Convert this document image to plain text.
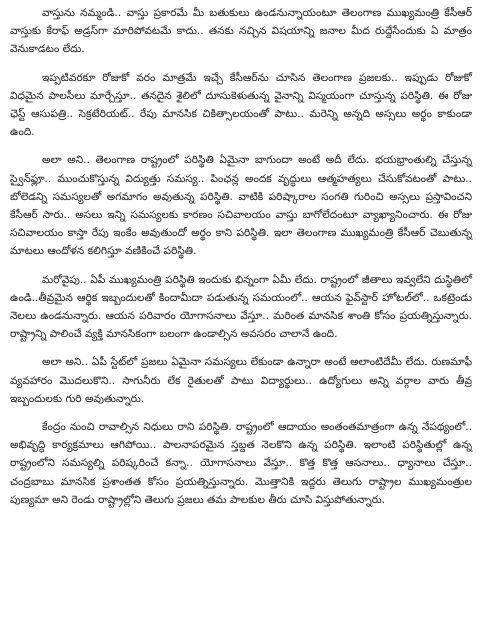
వాస్తును నమ్మండి.. వాస్తు ప్రకారమే మీ బతుకులు ఉండనున్నాయంటూ తెలంగాణ ముఖ్యమంత్రి కేసీఆర్ వాస్తుకు కేరాఫ్ అడ్రస్‌గా మారిపోవటమే కాదు.. తనకు నచ్చిన విషయాన్ని జనాల మీద రుద్దేసేందుకు ఏ మాత్రం వెనుకాడటం లేదు.

ఇప్పటివరకూ రోజుకో వరం మాత్రమే ఇచ్చే కేసీఆర్‌ను చూసిన తెలంగాణ ప్రజలకు.. ఇప్పుడు రోజుకో విధమైన పాలసీలు మార్చేస్తూ.. తనదైన శైలిలో దూసుకెళుతున్న వైనాన్ని విస్మయంగా చూస్తున్న పరిస్థితి. ఈ రోజు ఛెస్ట్ ఆసుపత్రి.. సెక్రటేరియట్.. రేపు మానసిక చికిత్సాలయంతో పాటు.. మరెన్ని అన్నది అస్సలు అర్థం కాకుండా ఉంది.

అలా అని.. తెలంగాణ రాష్ట్రంలో పరిస్థితి ఏమైనా బాగుందా అంటే అదీ లేదు. భయభ్రాంతుల్ని చేస్తున్న స్వైన్‌ఫ్లూ.. ముంచుకొస్తున్న విద్యుత్తు సమస్య.. పింఛన్ల అందక వృద్ధులు ఆత్మహత్యలు చేసుకోవటంతో పాటు.. బోలెడన్ని సమస్యలతో అగమాగం అవుతున్న పరిస్థితి. వాటికి పరిష్కారాల సంగతి గురించి అస్సలు ప్రస్తావించని కేసీఆర్ సారు.. అసలు ఇన్ని సమస్యలకు కారణం సచివాలయం వాస్తు బాగోలేదంటూ వ్యాఖ్యానించారు. ఈ రోజు సచివాలయం కాస్తా రేపు ఇంకేం అవుతుందో అర్థం కాని పరిస్థితి. ఇలా తెలంగాణ ముఖ్యమంత్రి కేసీఆర్ చెబుతున్న మాటలు ఆందోళన కలిగిస్తూ వణికించే పరిస్థితి.

మరోవైపు.. ఏపీ ముఖ్యమంత్రి పరిస్థితి ఇందుకు భిన్నంగా ఏమీ లేదు. రాష్ట్రంలో జీతాలు ఇవ్వలేని దుస్థితిలో ఉండి..తీవ్రమైన ఆర్థిక ఇబ్బందులతో కిందామీదా పడుతున్న సమయంలో.. ఆయన ఫైవ్‌స్టార్ హోటల్‌లో.. ఒకట్రెండు నెలలు ఉండనున్నారు. ఆయన పరివారం యోగాసనాలు వేస్తూ.. మరింత మానసిక శాంతి కోసం ప్రయత్నిస్తున్నారు. రాష్ట్రాన్ని పాలించే వ్యక్తి మానసికంగా బలంగా ఉండాల్సిన అవసరం చాలానే ఉంది.

అలా అని.. ఏపీ స్టేట్‌లో ప్రజలు ఏమైనా సమస్యలు లేకుండా ఉన్నారా అంటే అలాంటిదేమీ లేదు. రుణమాఫీ వ్యవహారం మొదలుకొని.. సాగునీరు లేక రైతులతో పాటు విద్యార్థులు.. ఉద్యోగులు అన్ని వర్గాల వారు తీవ్ర ఇబ్బందులకు గురి అవుతున్నారు.

కేంద్రం నుంచి రావాల్సిన నిధులు రాని పరిస్థితి. రాష్ట్రంలో ఆదాయం అంతంతమాత్రంగా ఉన్న నేపథ్యంలో.. అభివృద్ధి కార్యక్రమాలు ఆగిపోయి.. పాలనాపరమైన స్తబ్దత నెలకొని ఉన్న పరిస్థితి. ఇలాంటి పరిస్థితుల్లో ఉన్న రాష్ట్రంలోని సమస్యల్ని పరిష్కరించే కన్నా.. యోగాసనాలు వేస్తూ.. కొత్త కొత్త ఆసనాలు.. ధ్యానాలు చేస్తూ.. చంద్రబాబు మానసిక ప్రశాంతత కోసం ప్రయత్నిస్తున్నారు. మొత్తానికి ఇద్దరు తెలుగు రాష్ట్రాల ముఖ్యమంత్రుల పుణ్యమా అని రెండు రాష్ట్రాల్లోని తెలుగు ప్రజలు తమ పాలకుల తీరు చూసి విస్తుపోతున్నారు.
